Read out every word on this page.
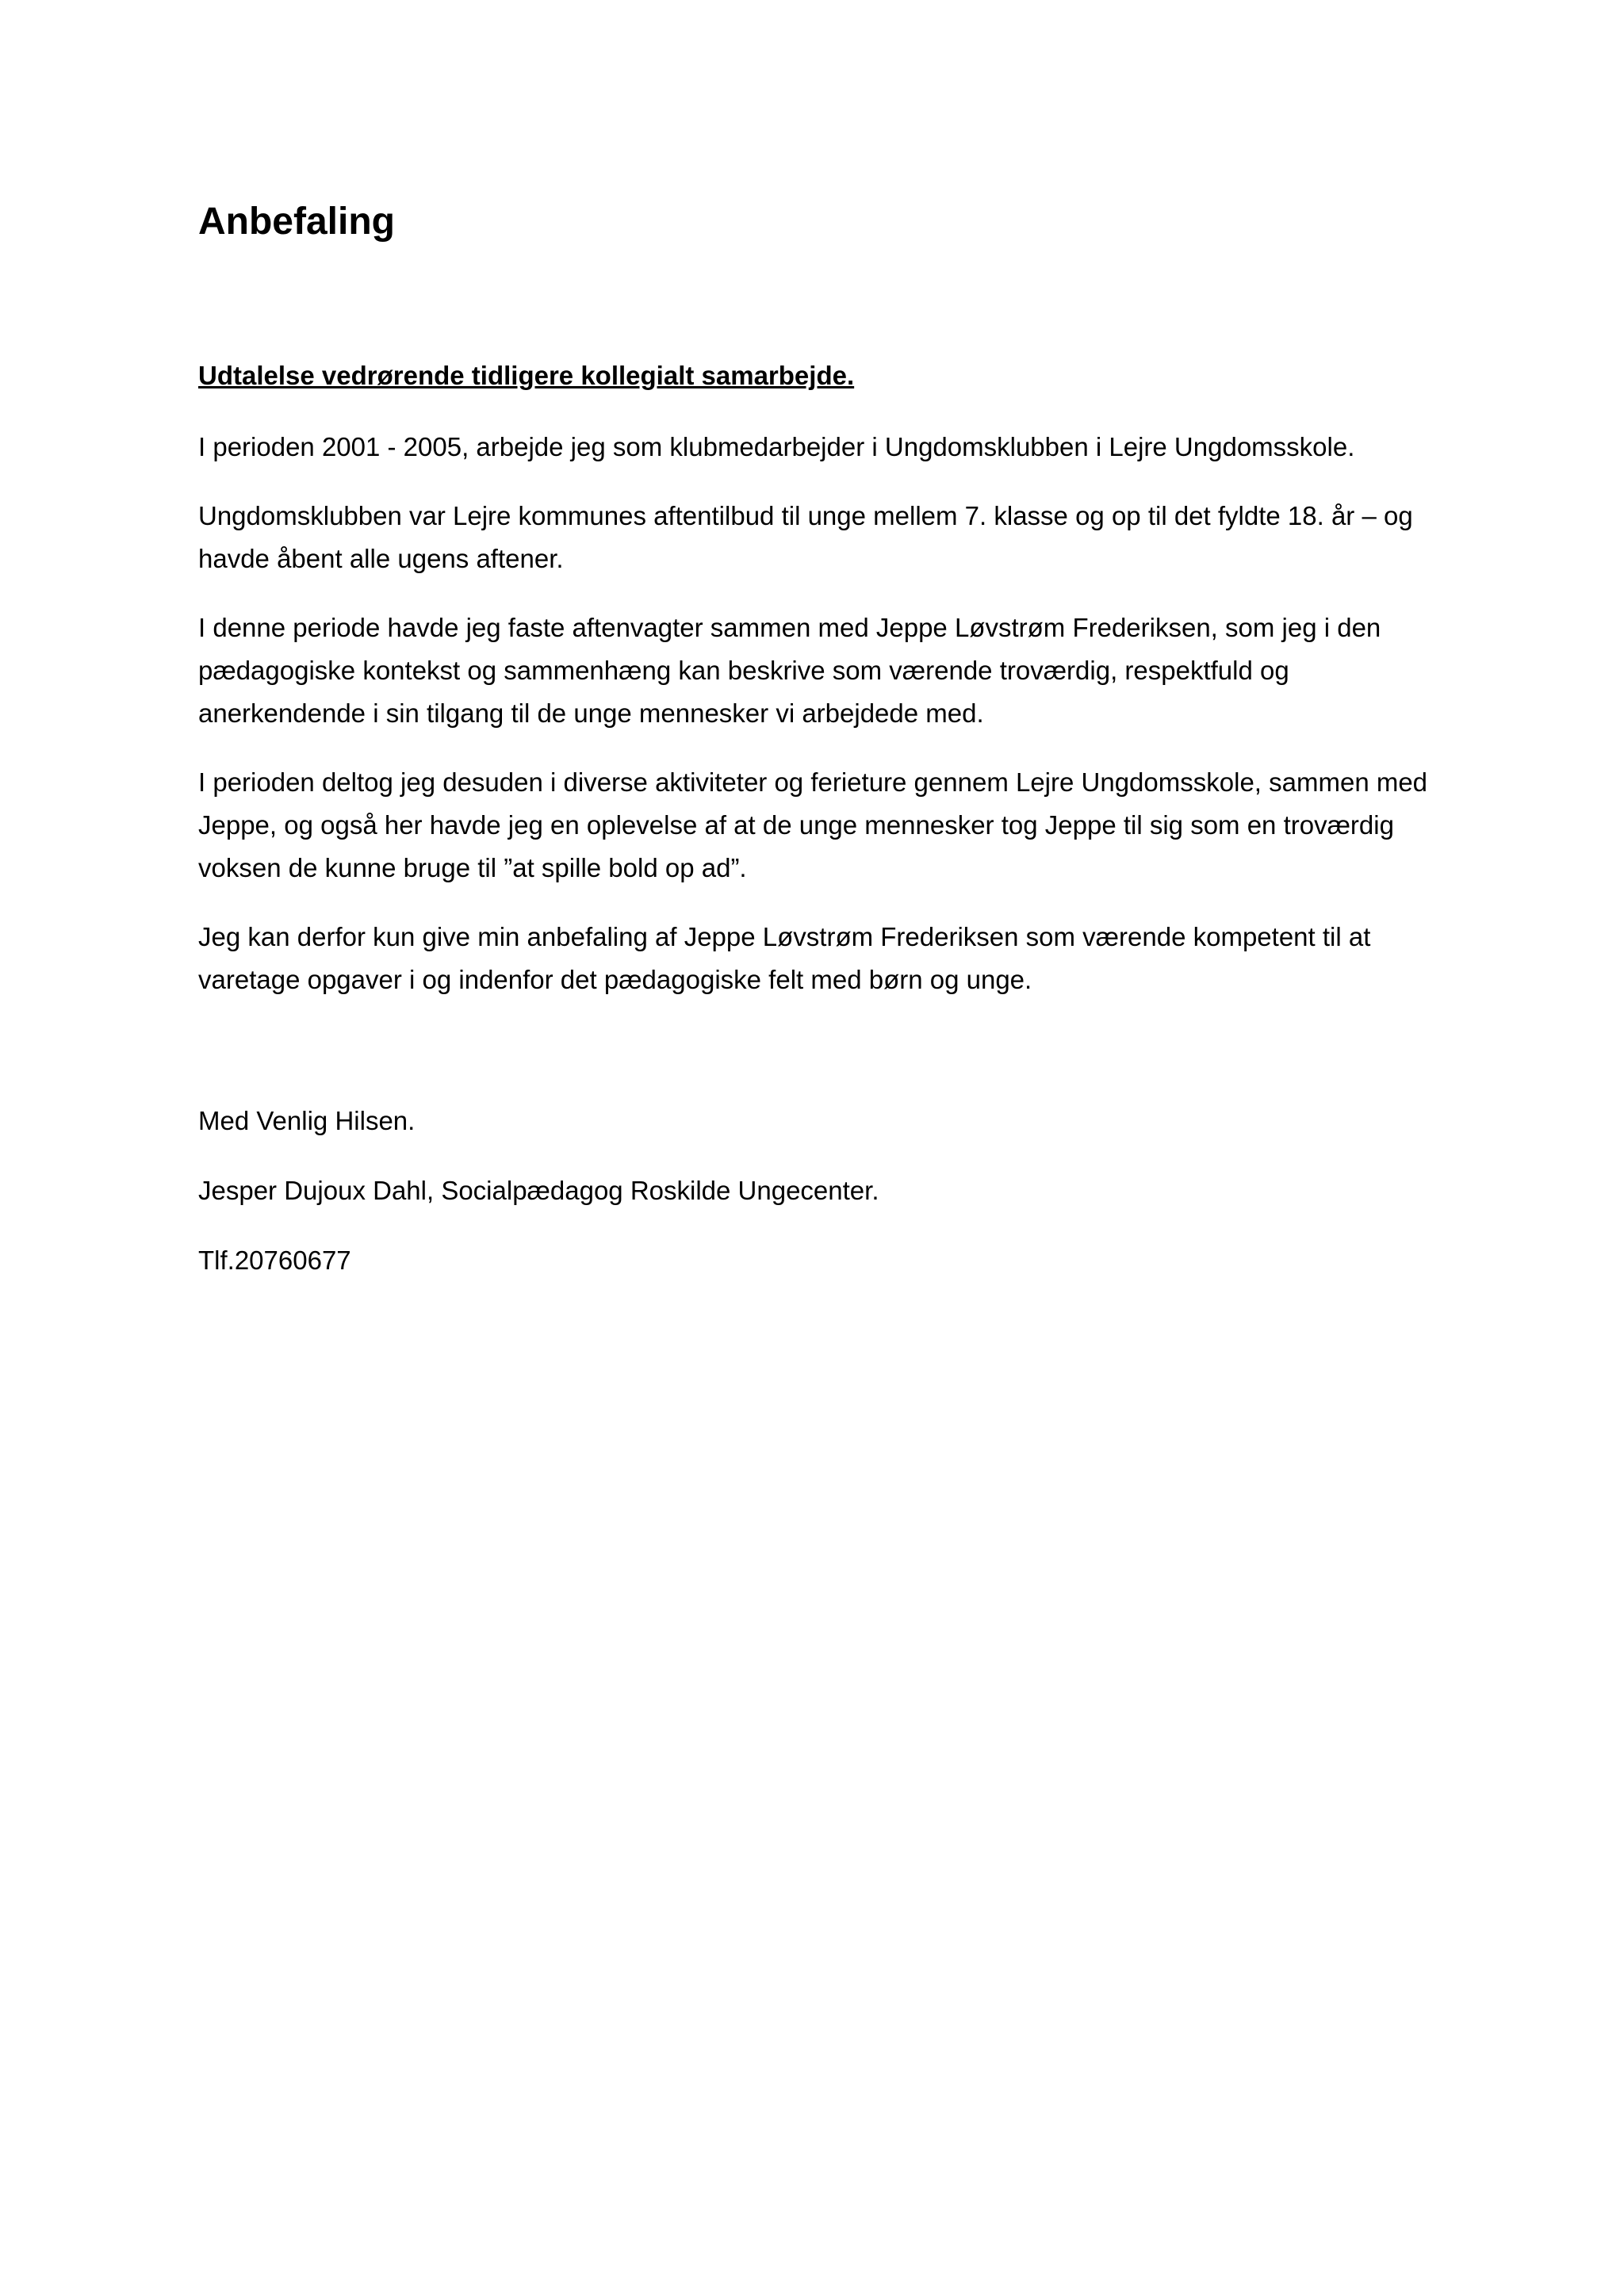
Anbefaling

Udtalelse vedrørende tidligere kollegialt samarbejde.

I perioden 2001 - 2005, arbejde jeg som klubmedarbejder i Ungdomsklubben i Lejre Ungdomsskole.

Ungdomsklubben var Lejre kommunes aftentilbud til unge mellem 7. klasse og op til det fyldte 18. år – og havde åbent alle ugens aftener.

I denne periode havde jeg faste aftenvagter sammen med Jeppe Løvstrøm Frederiksen, som jeg i den pædagogiske kontekst og sammenhæng kan beskrive som værende troværdig, respektfuld og anerkendende i sin tilgang til de unge mennesker vi arbejdede med.

I perioden deltog jeg desuden i diverse aktiviteter og ferieture gennem Lejre Ungdomsskole, sammen med Jeppe, og også her havde jeg en oplevelse af at de unge mennesker tog Jeppe til sig som en troværdig voksen de kunne bruge til ”at spille bold op ad”.

Jeg kan derfor kun give min anbefaling af Jeppe Løvstrøm Frederiksen som værende kompetent til at varetage opgaver i og indenfor det pædagogiske felt med børn og unge.

Med Venlig Hilsen.

Jesper Dujoux Dahl, Socialpædagog Roskilde Ungecenter.

Tlf.20760677
